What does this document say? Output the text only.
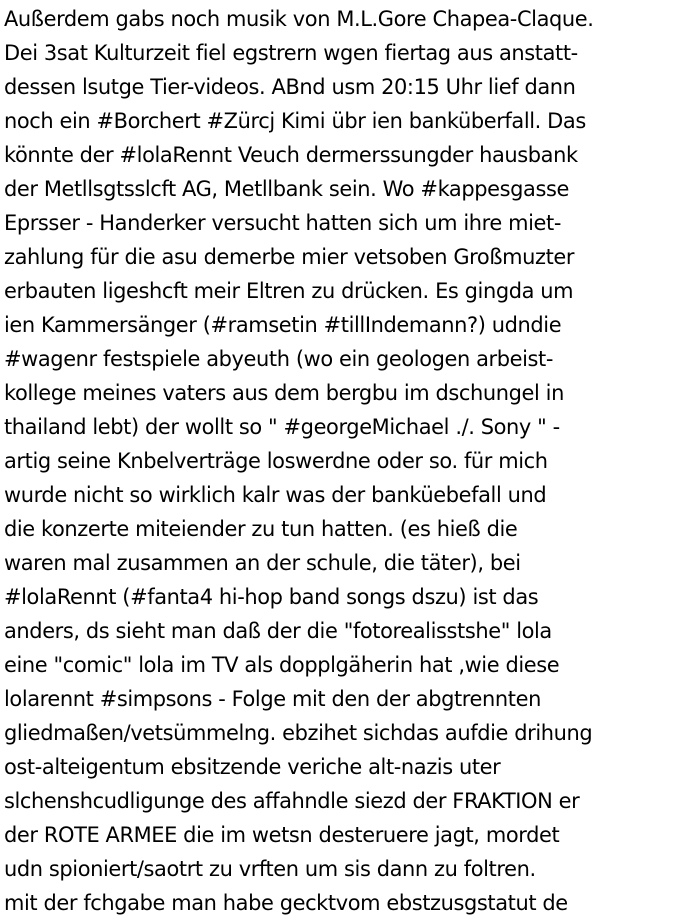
Außerdem gabs noch musik von M.L.Gore Chapea-Claque.
Dei 3sat Kulturzeit fiel egstrern wgen fiertag aus anstatt-
dessen lsutge Tier-videos. ABnd usm 20:15 Uhr lief dann
noch ein #Borchert #Zürcj Kimi übr ien banküberfall. Das
könnte der #lolaRennt Veuch dermerssungder hausbank
der Metllsgtsslcft AG, Metllbank sein. Wo #kappesgasse
Eprsser - Handerker versucht hatten sich um ihre miet-
zahlung für die asu demerbe mier vetsoben Großmuzter
erbauten ligeshcft meir Eltren zu drücken. Es gingda um
ien Kammersänger (#ramsetin #tillIndemann?) udndie
#wagenr festspiele abyeuth (wo ein geologen arbeist-
kollege meines vaters aus dem bergbu im dschungel in
thailand lebt) der wollt so " #georgeMichael ./. Sony " -
artig seine Knbelverträge loswerdne oder so. für mich
wurde nicht so wirklich kalr was der banküebefall und
die konzerte miteiender zu tun hatten. (es hieß die
waren mal zusammen an der schule, die täter), bei
#lolaRennt (#fanta4 hi-hop band songs dszu) ist das
anders, ds sieht man daß der die "fotorealisstshe" lola
eine "comic" lola im TV als dopplgäherin hat ,wie diese
lolarennt #simpsons - Folge mit den der abgtrennten
gliedmaßen/vetsümmelng. ebzihet sichdas aufdie drihung
ost-alteigentum ebsitzende veriche alt-nazis uter
slchenshcudligunge des affahndle siezd der FRAKTION er
der ROTE ARMEE die im wetsn desteruere jagt, mordet
udn spioniert/saotrt zu vrften um sis dann zu foltren.
mit der fchgabe man habe gecktvom ebstzusgstatut de
